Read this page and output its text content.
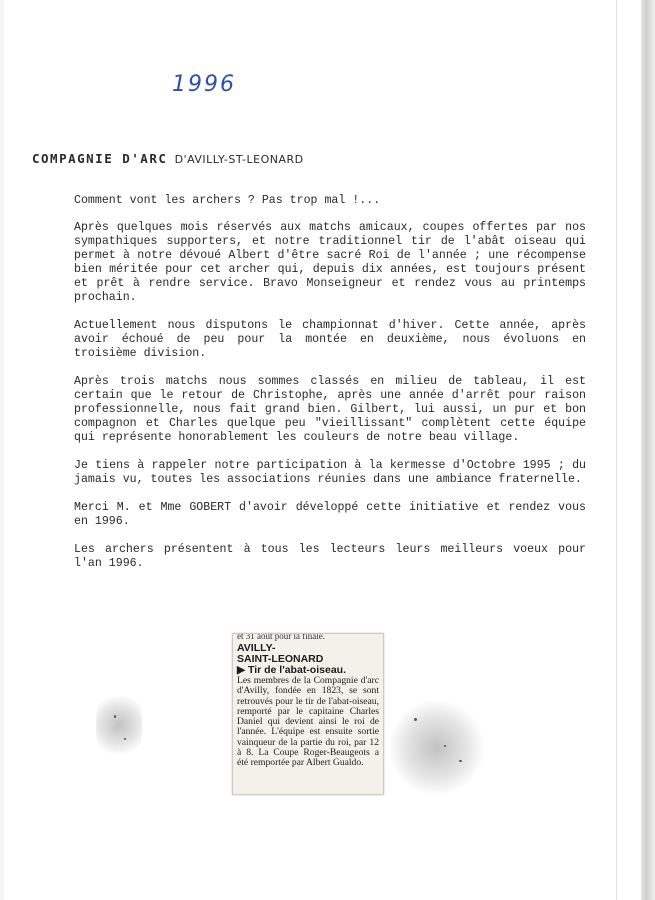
1996
COMPAGNIE D'ARC D'AVILLY-ST-LEONARD

Comment vont les archers ? Pas trop mal !...

Après quelques mois réservés aux matchs amicaux, coupes offertes par nos sympathiques supporters, et notre traditionnel tir de l'abât oiseau qui permet à notre dévoué Albert d'être sacré Roi de l'année ; une récompense bien méritée pour cet archer qui, depuis dix années, est toujours présent et prêt à rendre service. Bravo Monseigneur et rendez vous au printemps prochain.

Actuellement nous disputons le championnat d'hiver. Cette année, après avoir échoué de peu pour la montée en deuxième, nous évoluons en troisième division.

Après trois matchs nous sommes classés en milieu de tableau, il est certain que le retour de Christophe, après une année d'arrêt pour raison professionnelle, nous fait grand bien. Gilbert, lui aussi, un pur et bon compagnon et Charles quelque peu "vieillissant" complètent cette équipe qui représente honorablement les couleurs de notre beau village.

Je tiens à rappeler notre participation à la kermesse d'Octobre 1995 ; du jamais vu, toutes les associations réunies dans une ambiance fraternelle.

Merci M. et Mme GOBERT d'avoir développé cette initiative et rendez vous en 1996.

Les archers présentent à tous les lecteurs leurs meilleurs voeux pour l'an 1996.

et 31 août pour la finale.
AVILLY-
SAINT-LEONARD
▶ Tir de l'abat-oiseau.
Les membres de la Compagnie d'arc d'Avilly, fondée en 1823, se sont retrouvés pour le tir de l'abat-oiseau, remporté par le capitaine Charles Daniel qui devient ainsi le roi de l'année. L'équipe est ensuite sortie vainqueur de la partie du roi, par 12 à 8. La Coupe Roger-Beaugeots a été remportée par Albert Gualdo.
